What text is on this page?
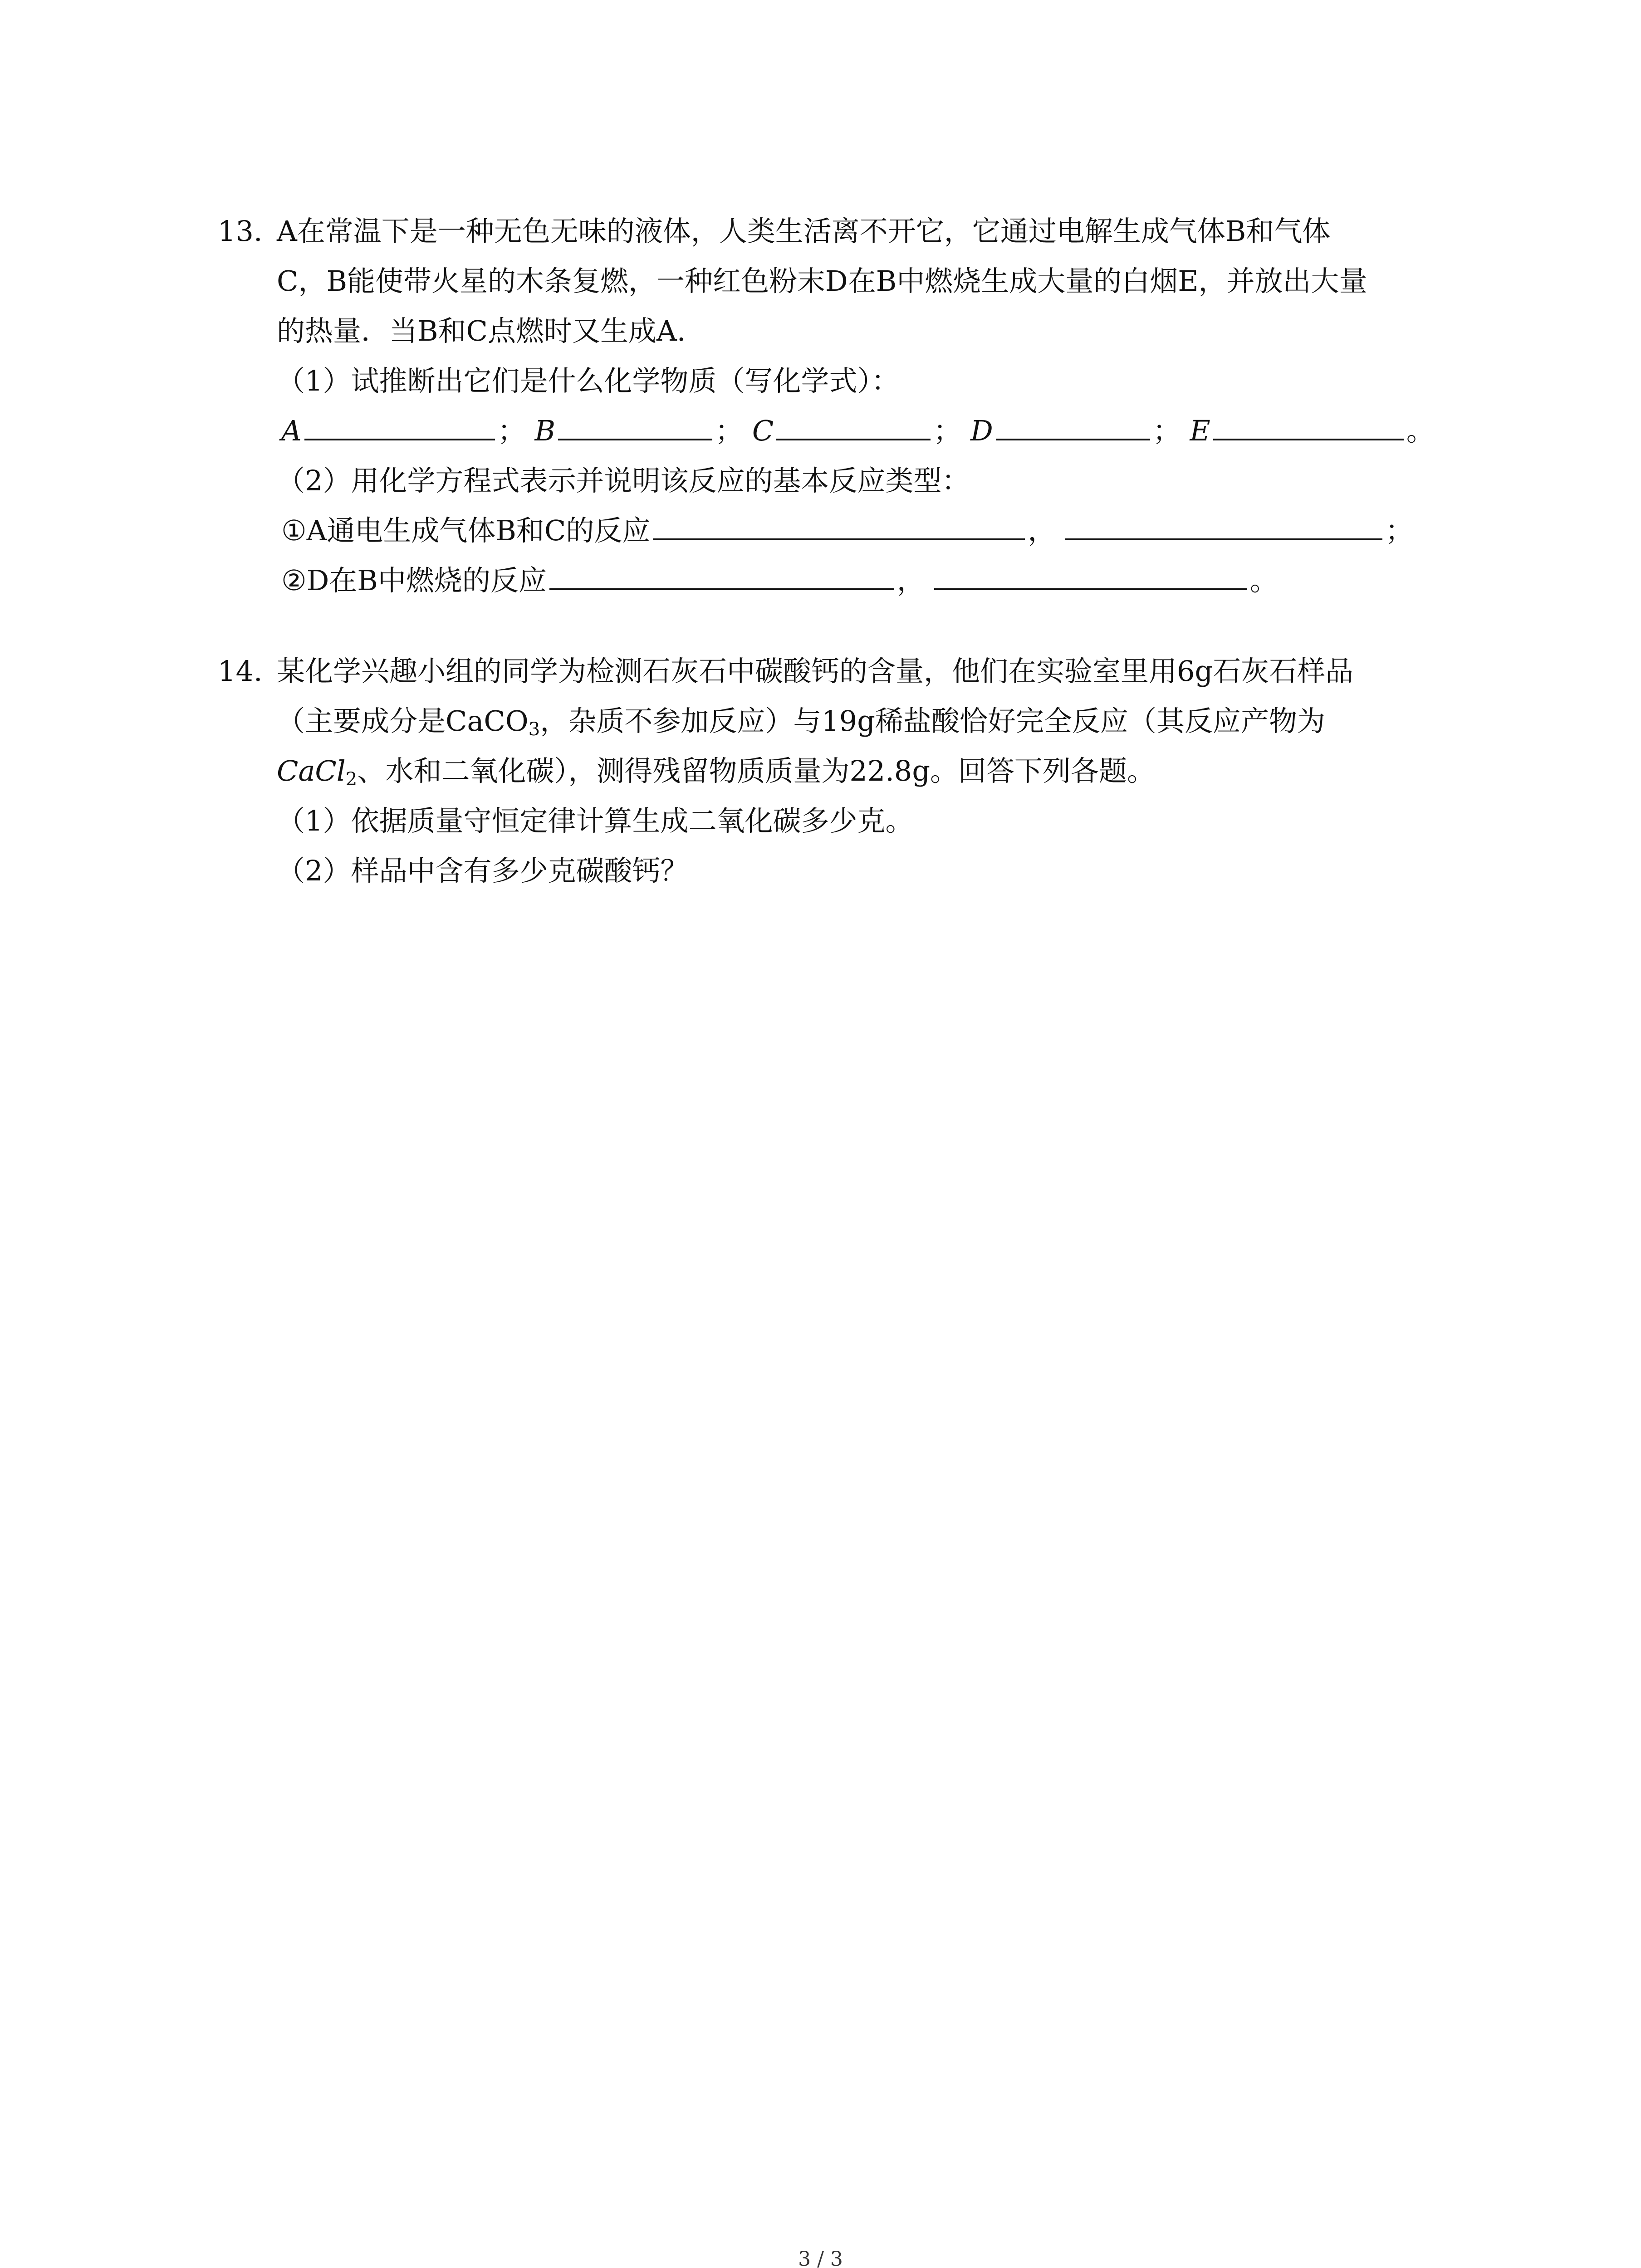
13. A在常温下是一种无色无味的液体，人类生活离不开它，它通过电解生成气体B和气体
C，B能使带火星的木条复燃，一种红色粉末D在B中燃烧生成大量的白烟E，并放出大量
的热量．当B和C点燃时又生成A.
（1）试推断出它们是什么化学物质（写化学式）：
A	； B	； C	； D	； E	。
（2）用化学方程式表示并说明该反应的基本反应类型：
①A通电生成气体B和C的反应	，	；
②D在B中燃烧的反应	，	。
14. 某化学兴趣小组的同学为检测石灰石中碳酸钙的含量，他们在实验室里用6g石灰石样品
（主要成分是CaCO$_3$，杂质不参加反应）与19g稀盐酸恰好完全反应（其反应产物为
CaCl$_2$、水和二氧化碳），测得残留物质质量为22.8g。回答下列各题。
（1）依据质量守恒定律计算生成二氧化碳多少克。
（2）样品中含有多少克碳酸钙？
3 / 3
